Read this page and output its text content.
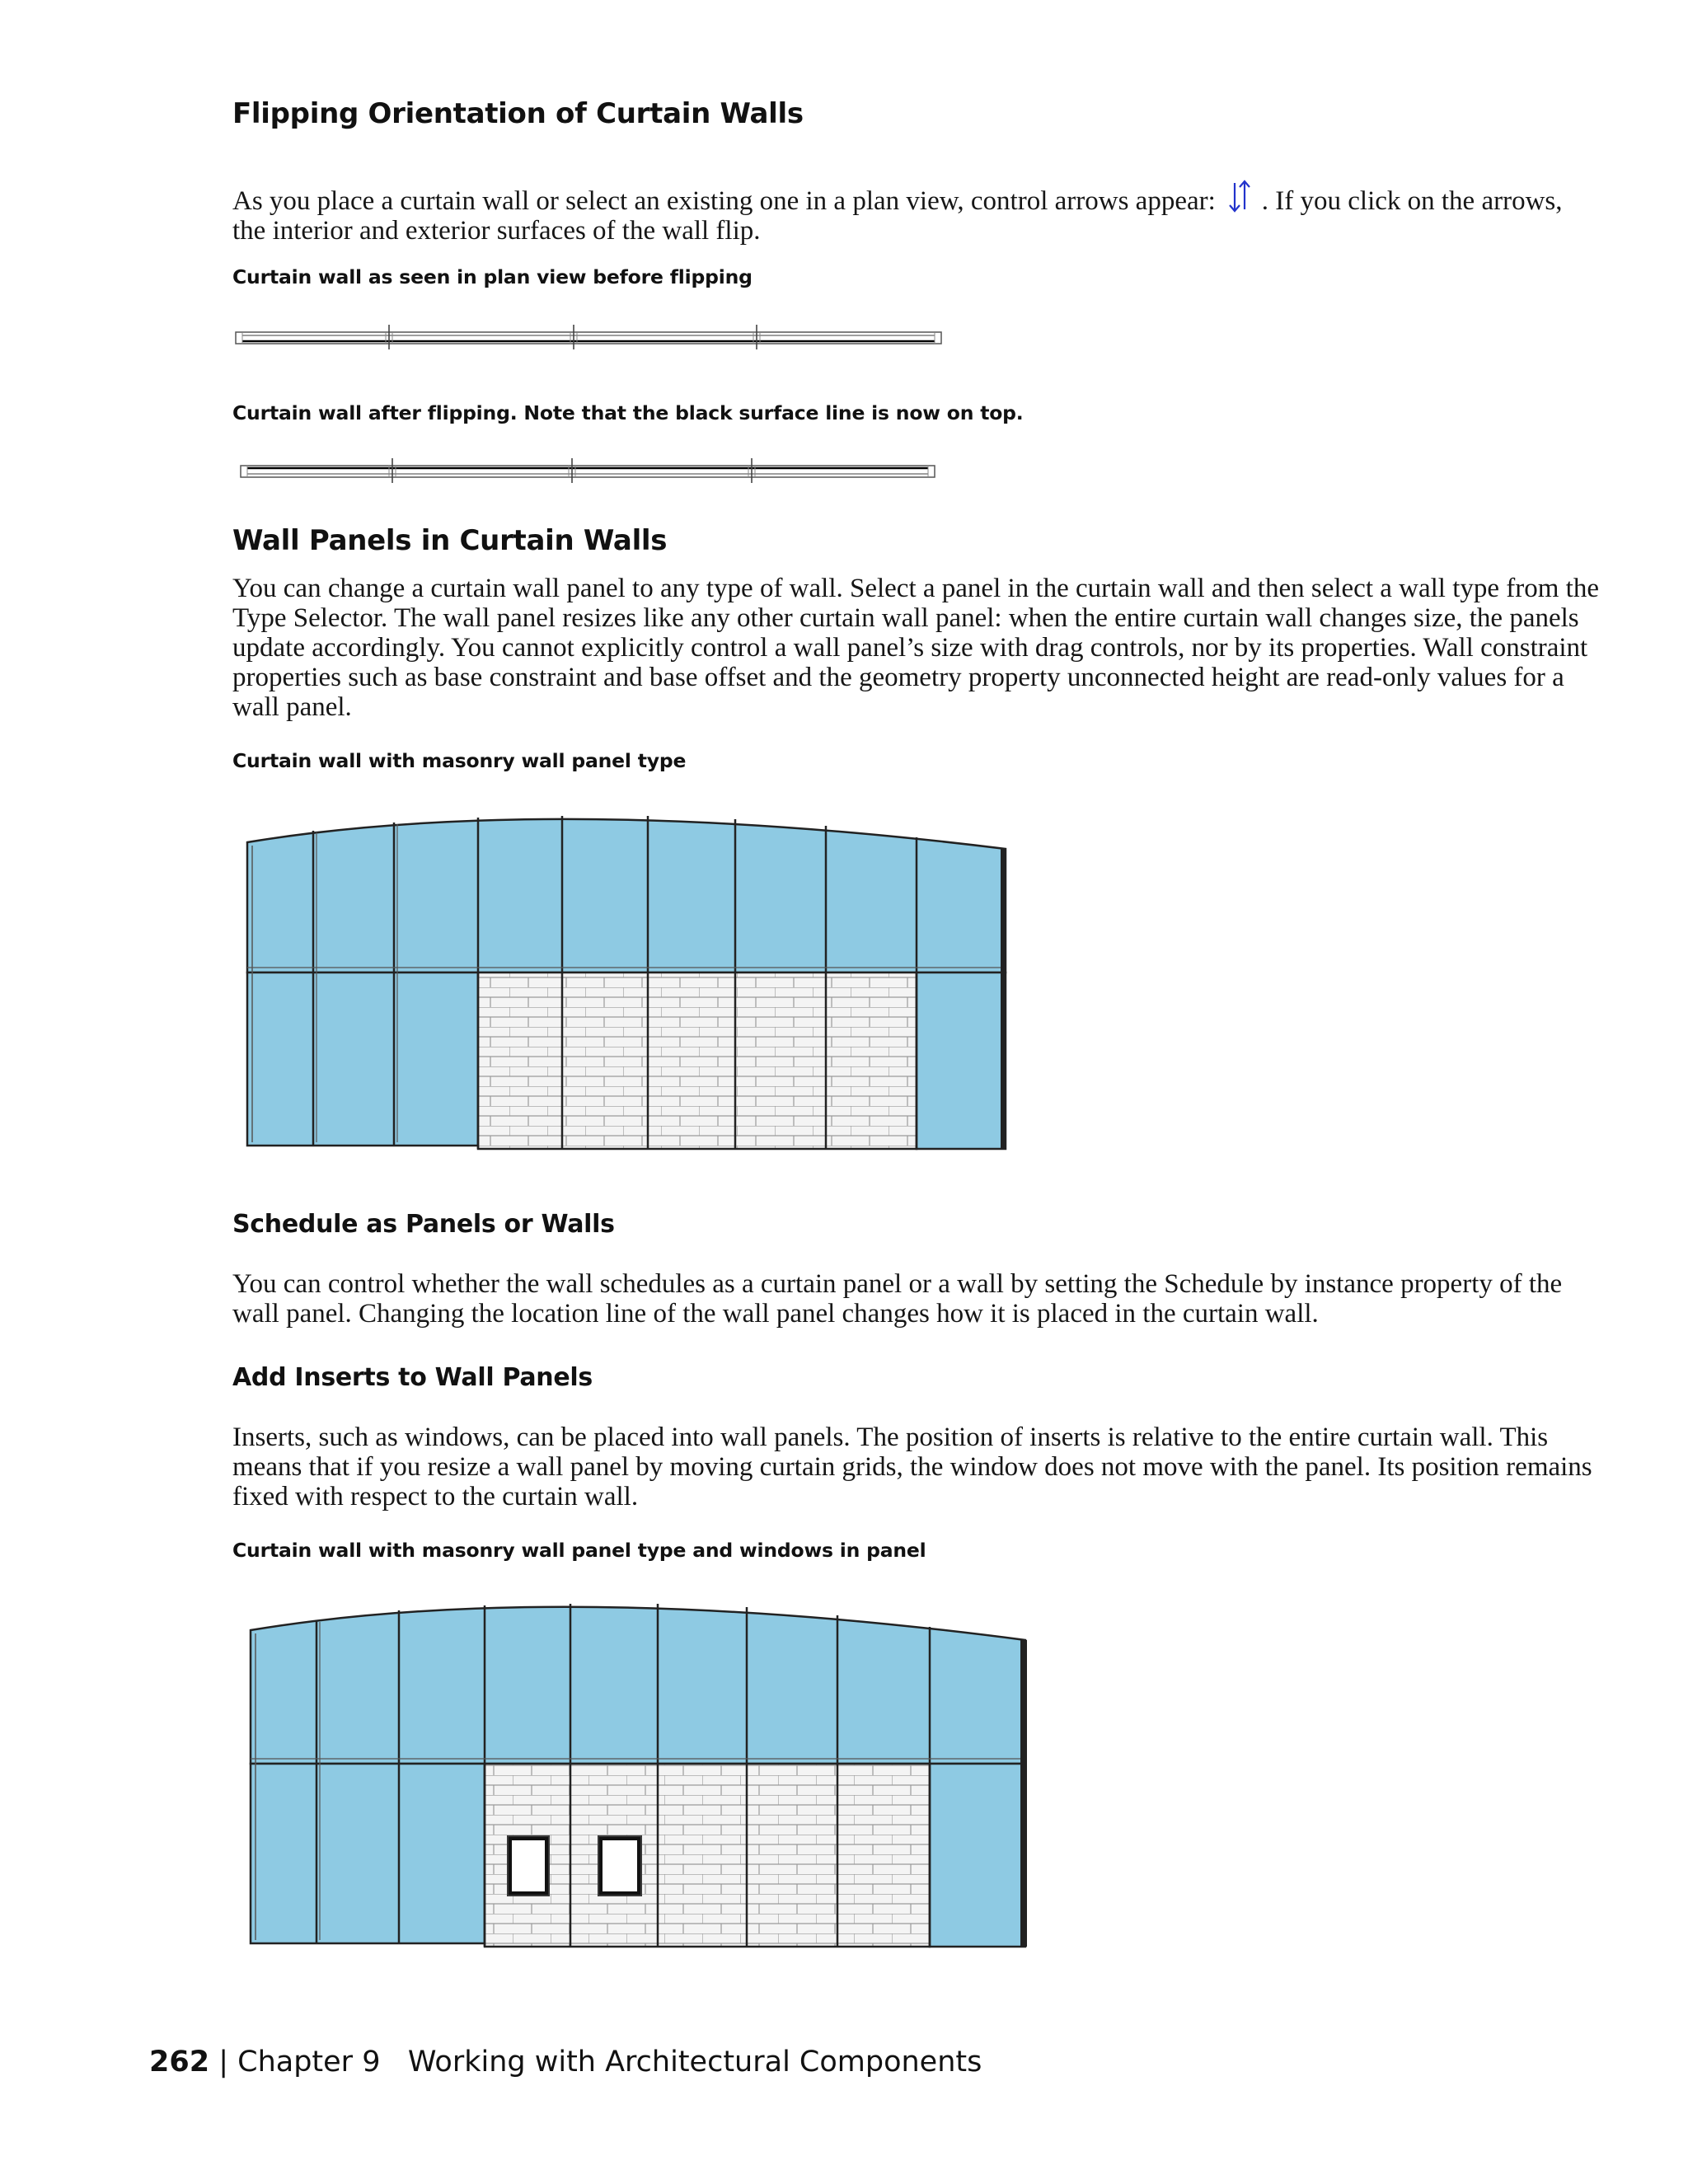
Flipping Orientation of Curtain Walls

As you place a curtain wall or select an existing one in a plan view, control arrows appear: . If you click on the arrows, the interior and exterior surfaces of the wall flip.

Curtain wall as seen in plan view before flipping

Curtain wall after flipping. Note that the black surface line is now on top.

Wall Panels in Curtain Walls

You can change a curtain wall panel to any type of wall. Select a panel in the curtain wall and then select a wall type from the Type Selector. The wall panel resizes like any other curtain wall panel: when the entire curtain wall changes size, the panels update accordingly. You cannot explicitly control a wall panel’s size with drag controls, nor by its properties. Wall constraint properties such as base constraint and base offset and the geometry property unconnected height are read-only values for a wall panel.

Curtain wall with masonry wall panel type

Schedule as Panels or Walls

You can control whether the wall schedules as a curtain panel or a wall by setting the Schedule by instance property of the wall panel. Changing the location line of the wall panel changes how it is placed in the curtain wall.

Add Inserts to Wall Panels

Inserts, such as windows, can be placed into wall panels. The position of inserts is relative to the entire curtain wall. This means that if you resize a wall panel by moving curtain grids, the window does not move with the panel. Its position remains fixed with respect to the curtain wall.

Curtain wall with masonry wall panel type and windows in panel

262 | Chapter 9 Working with Architectural Components
